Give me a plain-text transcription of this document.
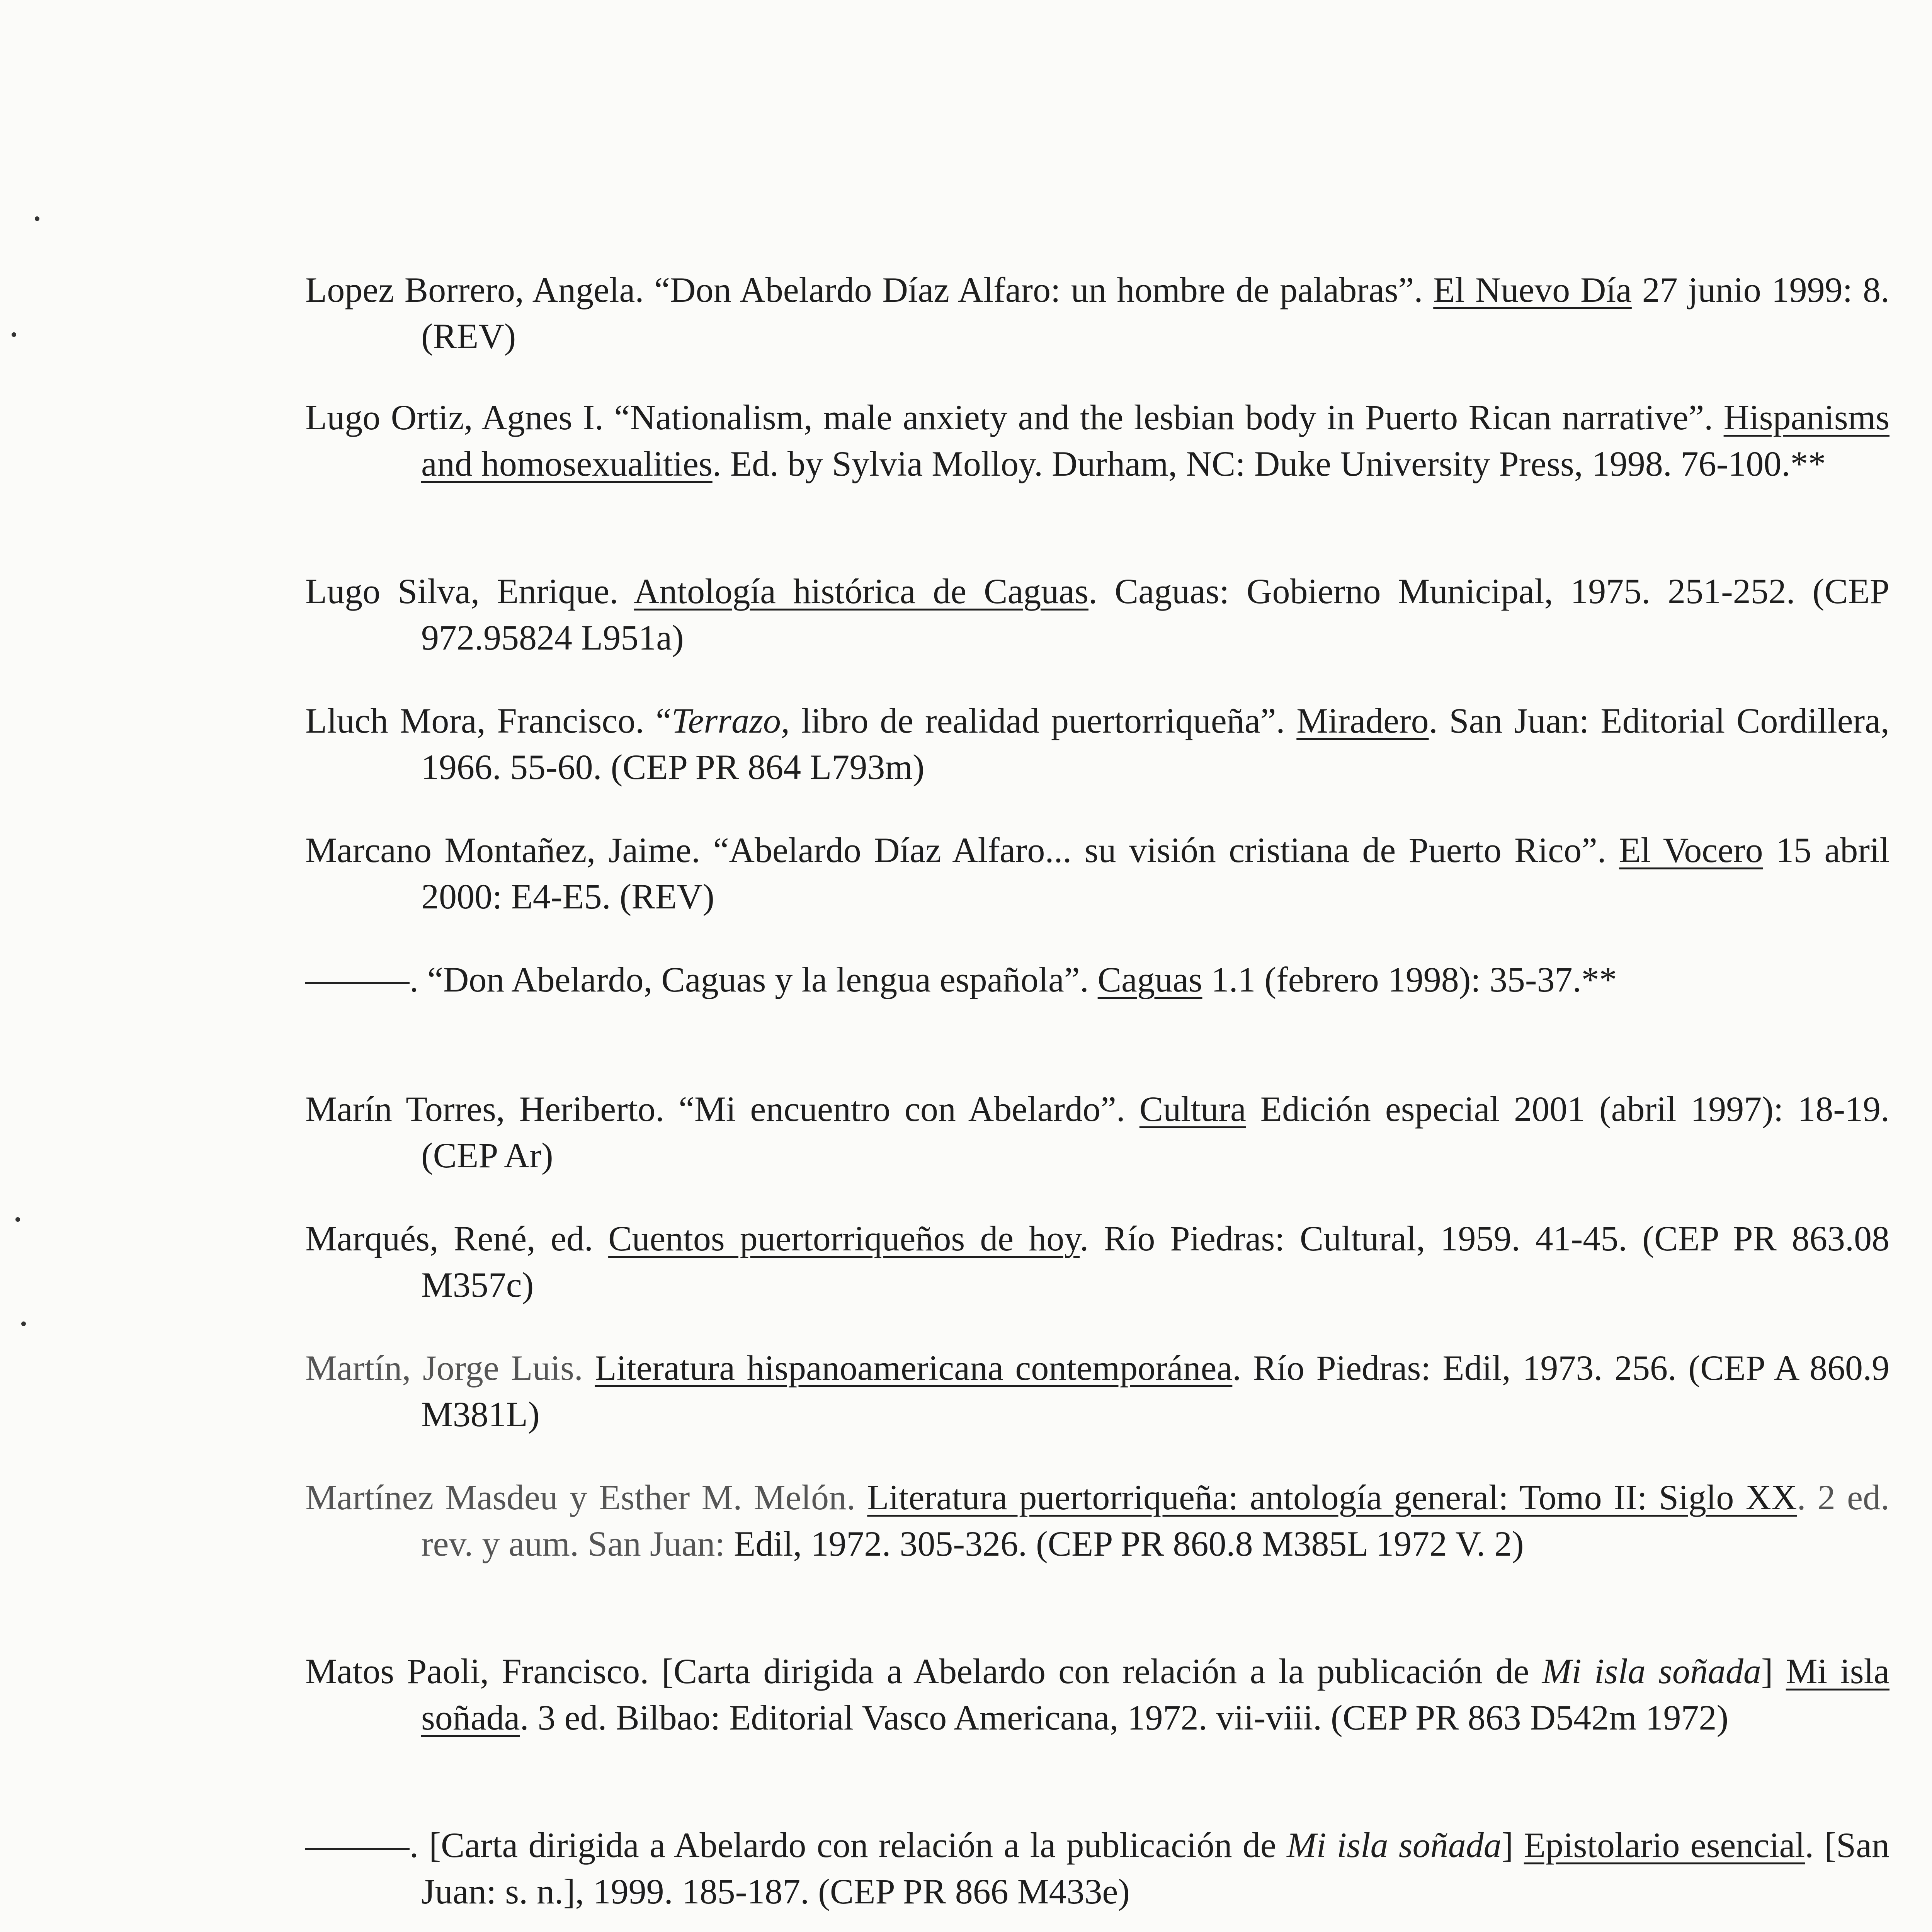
Lopez Borrero, Angela. “Don Abelardo Díaz Alfaro: un hombre de palabras”. El Nuevo Día 27 junio 1999: 8. (REV)

Lugo Ortiz, Agnes I. “Nationalism, male anxiety and the lesbian body in Puerto Rican narrative”. Hispanisms and homosexualities. Ed. by Sylvia Molloy. Durham, NC: Duke University Press, 1998. 76-100.**

Lugo Silva, Enrique. Antología histórica de Caguas. Caguas: Gobierno Municipal, 1975. 251-252. (CEP 972.95824 L951a)

Lluch Mora, Francisco. “Terrazo, libro de realidad puertorriqueña”. Miradero. San Juan: Editorial Cordillera, 1966. 55-60. (CEP PR 864 L793m)

Marcano Montañez, Jaime. “Abelardo Díaz Alfaro... su visión cristiana de Puerto Rico”. El Vocero 15 abril 2000: E4-E5. (REV)

. “Don Abelardo, Caguas y la lengua española”. Caguas 1.1 (febrero 1998): 35-37.**

Marín Torres, Heriberto. “Mi encuentro con Abelardo”. Cultura Edición especial 2001 (abril 1997): 18-19. (CEP Ar)

Marqués, René, ed. Cuentos puertorriqueños de hoy. Río Piedras: Cultural, 1959. 41-45. (CEP PR 863.08 M357c)

Martín, Jorge Luis. Literatura hispanoamericana contemporánea. Río Piedras: Edil, 1973. 256. (CEP A 860.9 M381L)

Martínez Masdeu y Esther M. Melón. Literatura puertorriqueña: antología general: Tomo II: Siglo XX. 2 ed. rev. y aum. San Juan: Edil, 1972. 305-326. (CEP PR 860.8 M385L 1972 V. 2)

Matos Paoli, Francisco. [Carta dirigida a Abelardo con relación a la publicación de Mi isla soñada] Mi isla soñada. 3 ed. Bilbao: Editorial Vasco Americana, 1972. vii-viii. (CEP PR 863 D542m 1972)

. [Carta dirigida a Abelardo con relación a la publicación de Mi isla soñada] Epistolario esencial. [San Juan: s. n.], 1999. 185-187. (CEP PR 866 M433e)
